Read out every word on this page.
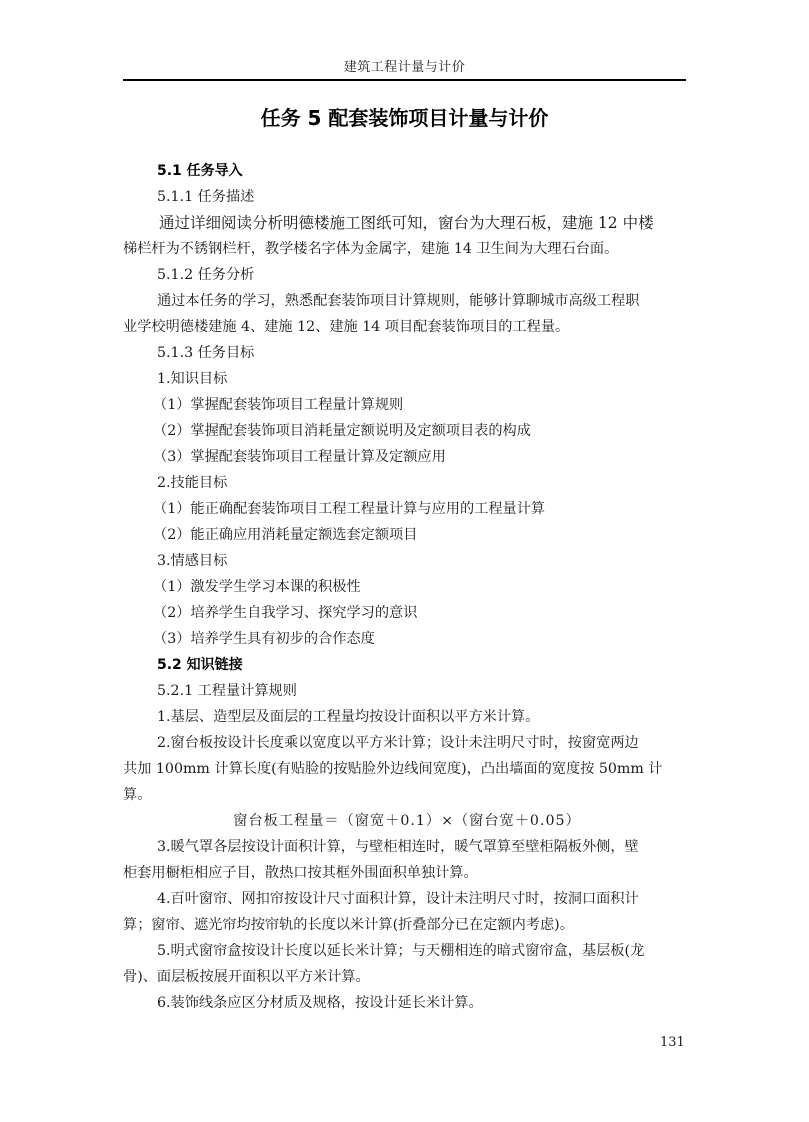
建筑工程计量与计价
任务 5 配套装饰项目计量与计价
5.1 任务导入
5.1.1 任务描述
通过详细阅读分析明德楼施工图纸可知，窗台为大理石板，建施 12 中楼
梯栏杆为不锈钢栏杆，教学楼名字体为金属字，建施 14 卫生间为大理石台面。
5.1.2 任务分析
通过本任务的学习，熟悉配套装饰项目计算规则，能够计算聊城市高级工程职
业学校明德楼建施 4、建施 12、建施 14 项目配套装饰项目的工程量。
5.1.3 任务目标
1.知识目标
（1）掌握配套装饰项目工程量计算规则
（2）掌握配套装饰项目消耗量定额说明及定额项目表的构成
（3）掌握配套装饰项目工程量计算及定额应用
2.技能目标
（1）能正确配套装饰项目工程工程量计算与应用的工程量计算
（2）能正确应用消耗量定额选套定额项目
3.情感目标
（1）激发学生学习本课的积极性
（2）培养学生自我学习、探究学习的意识
（3）培养学生具有初步的合作态度
5.2 知识链接
5.2.1 工程量计算规则
1.基层、造型层及面层的工程量均按设计面积以平方米计算。
2.窗台板按设计长度乘以宽度以平方米计算；设计未注明尺寸时，按窗宽两边
共加 100mm 计算长度(有贴脸的按贴脸外边线间宽度)，凸出墙面的宽度按 50mm 计
算。
窗台板工程量＝（窗宽＋0.1）×（窗台宽＋0.05）
3.暖气罩各层按设计面积计算，与壁柜相连时，暖气罩算至壁柜隔板外侧，壁
柜套用橱柜相应子目，散热口按其框外围面积单独计算。
4.百叶窗帘、网扣帘按设计尺寸面积计算，设计未注明尺寸时，按洞口面积计
算；窗帘、遮光帘均按帘轨的长度以米计算(折叠部分已在定额内考虑)。
5.明式窗帘盒按设计长度以延长米计算；与天棚相连的暗式窗帘盒，基层板(龙
骨)、面层板按展开面积以平方米计算。
6.装饰线条应区分材质及规格，按设计延长米计算。
131
